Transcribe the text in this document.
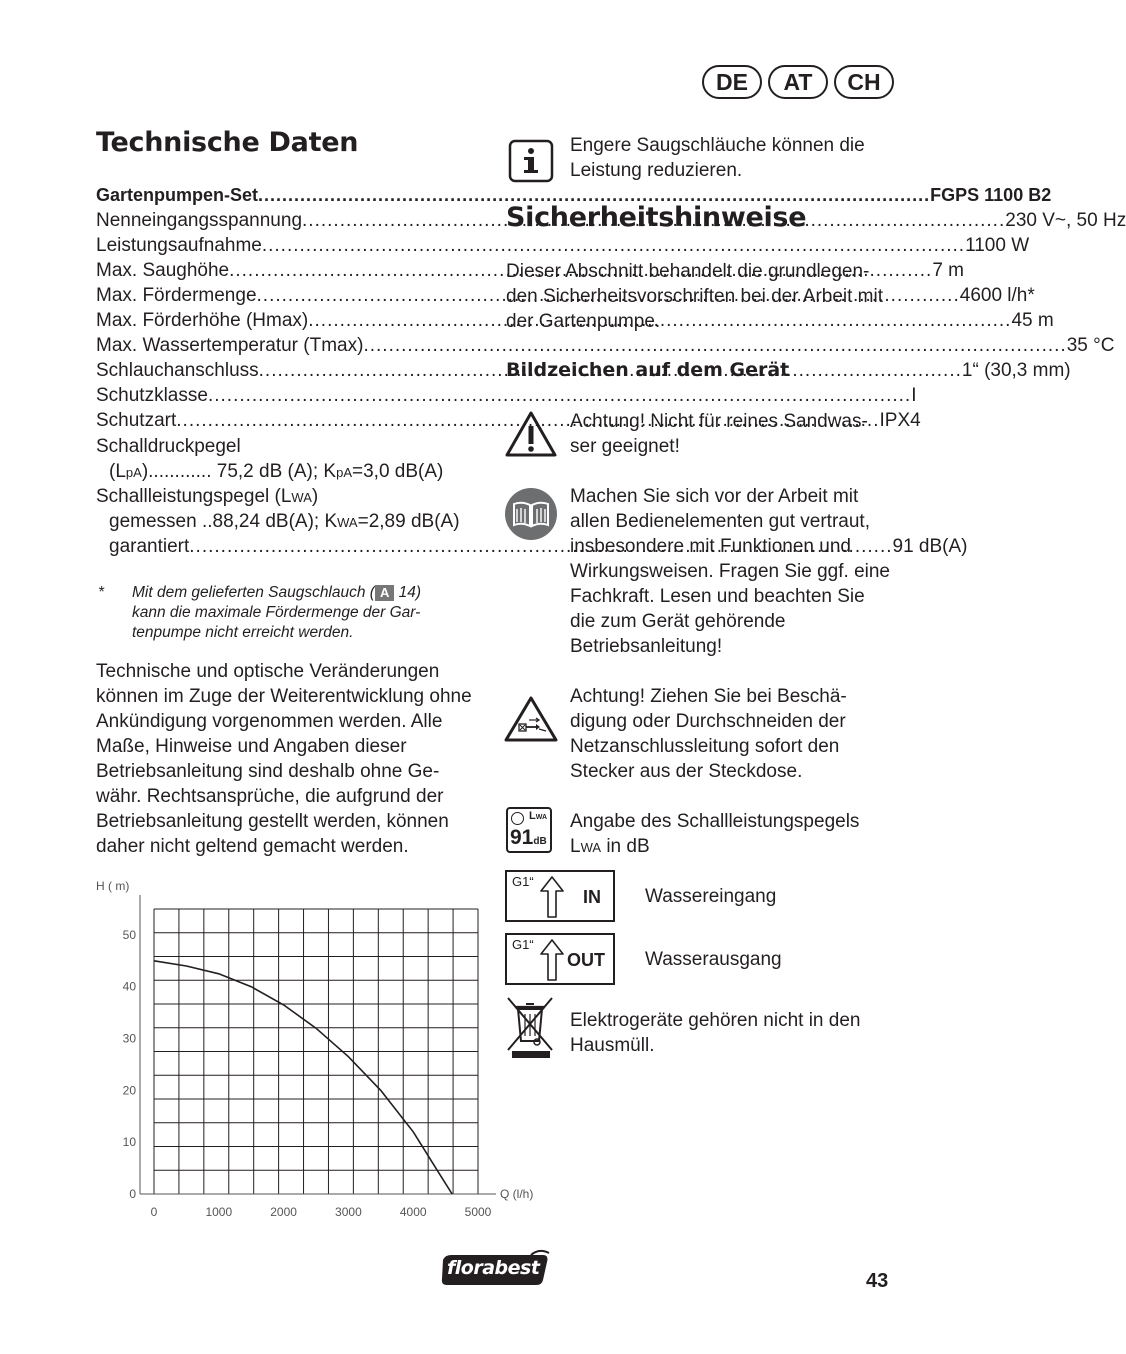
DE AT CH
Technische Daten
Gartenpumpen-Set .....	FGPS 1100 B2
Nenneingangsspannung .....	230 V~, 50 Hz
Leistungsaufnahme .....	1100 W
Max. Saughöhe .....	7 m
Max. Fördermenge .....	4600 l/h*
Max. Förderhöhe (Hmax) .....	45 m
Max. Wassertemperatur (Tmax) .....	35 °C
Schlauchanschluss .....	1“ (30,3 mm)
Schutzklasse .....	I
Schutzart .....	IPX4
Schalldruckpegel
(LpA)............ 75,2 dB (A); KpA=3,0 dB(A)
Schallleistungspegel (LWA)
gemessen ..88,24 dB(A); KWA=2,89 dB(A)
garantiert .....	91 dB(A)
* Mit dem gelieferten Saugschlauch ( A 14)
kann die maximale Fördermenge der Gar-
tenpumpe nicht erreicht werden.
Technische und optische Veränderungen können im Zuge der Weiterentwicklung ohne Ankündigung vorgenommen werden. Alle Maße, Hinweise und Angaben dieser Betriebsanleitung sind deshalb ohne Ge- währ. Rechtsansprüche, die aufgrund der Betriebsanleitung gestellt werden, können daher nicht geltend gemacht werden.
0	1000	2000	3000	4000	5000
0
10
20
30
40
50
Q (l/h)
H ( m)
Engere Saugschläuche können die Leistung reduzieren.
Sicherheitshinweise
Dieser Abschnitt behandelt die grundlegen- den Sicherheitsvorschriften bei der Arbeit mit der Gartenpumpe.
Bildzeichen auf dem Gerät
Achtung! Nicht für reines Sandwas- ser geeignet!
Machen Sie sich vor der Arbeit mit allen Bedienelementen gut vertraut, insbesondere mit Funktionen und Wirkungsweisen. Fragen Sie ggf. eine Fachkraft. Lesen und beachten Sie die zum Gerät gehörende Betriebsanleitung!
Achtung! Ziehen Sie bei Beschä- digung oder Durchschneiden der Netzanschlussleitung sofort den Stecker aus der Steckdose.
LWA
91dB
Angabe des Schallleistungspegels
LWA in dB
G1“
IN Wassereingang
G1“
OUT Wasserausgang
Elektrogeräte gehören nicht in den Hausmüll.
florabest
43
